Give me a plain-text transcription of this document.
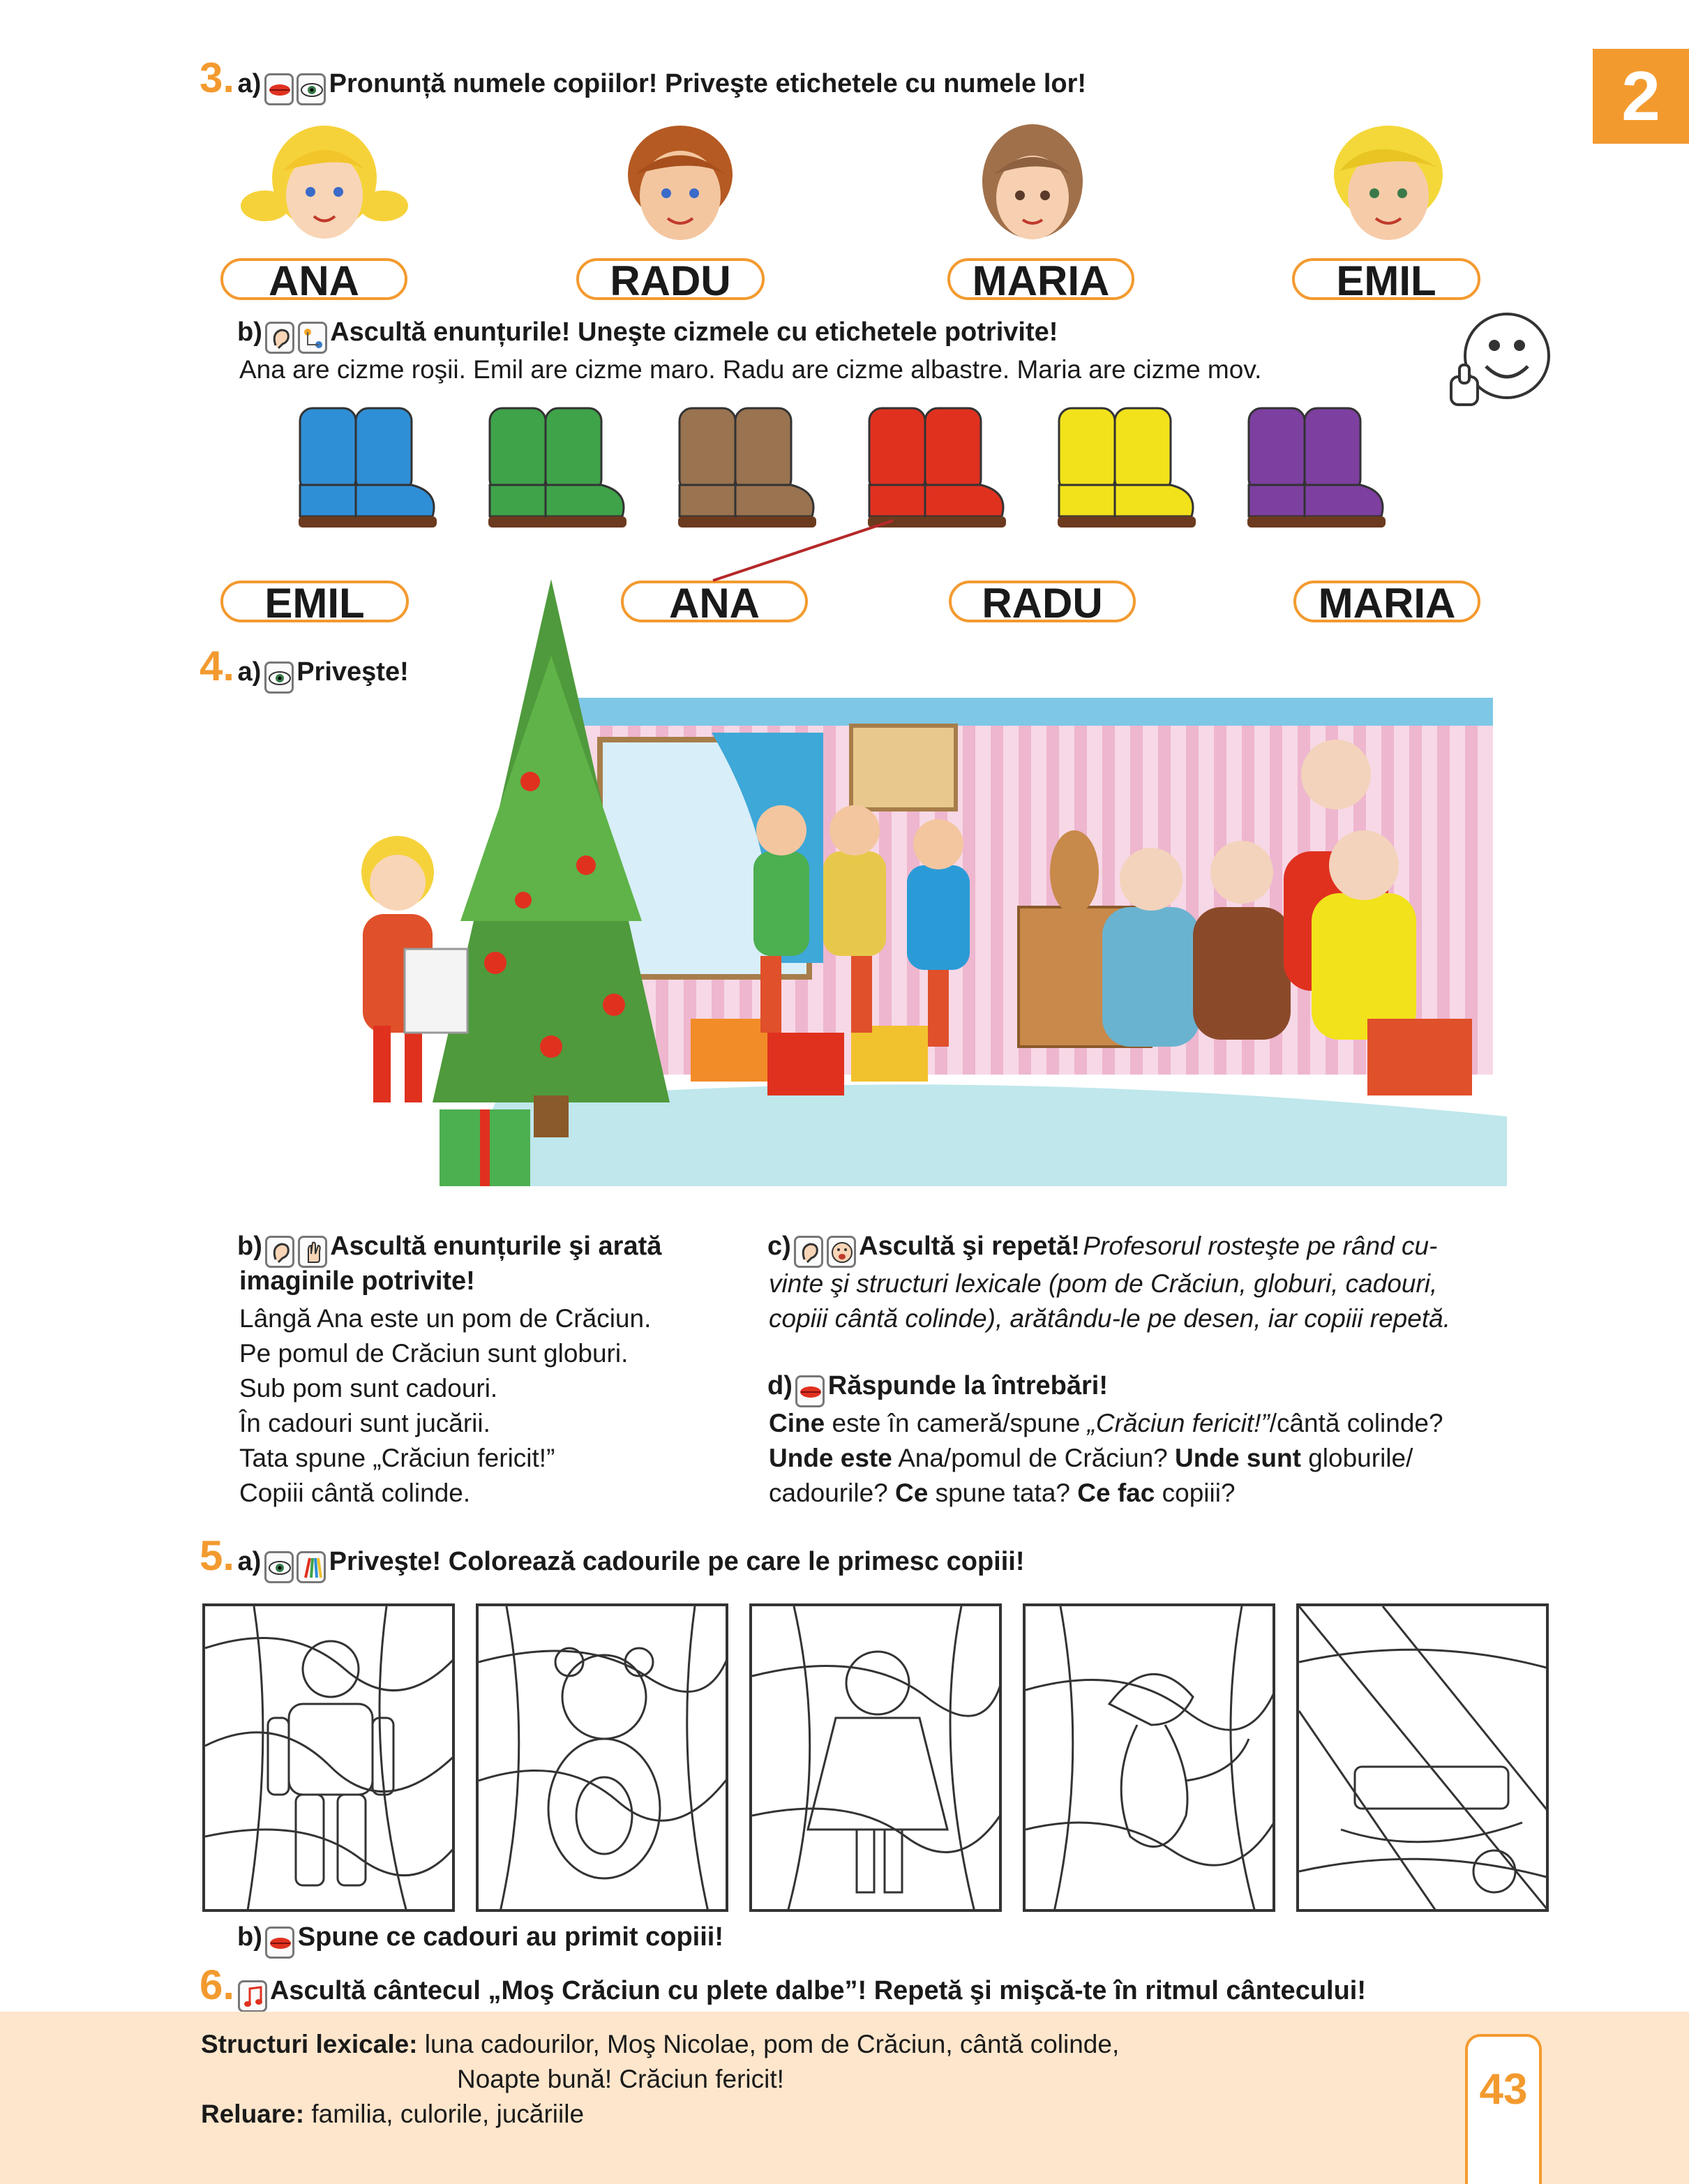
2
3. a)
	Pronunță numele copiilor! Priveşte etichetele cu numele lor!
ANA	RADU	MARIA	EMIL
b)
	Ascultă enunțurile! Uneşte cizmele cu etichetele potrivite!
Ana are cizme roşii. Emil are cizme maro. Radu are cizme albastre. Maria are cizme mov.
EMIL	ANA	RADU	MARIA
4. a) Priveşte!
b)
	Ascultă enunțurile şi arată
imaginile potrivite!
Lângă Ana este un pom de Crăciun.
Pe pomul de Crăciun sunt globuri.
Sub pom sunt cadouri.
În cadouri sunt jucării.
Tata spune „Crăciun fericit!”
Copiii cântă colinde.
c)
	Ascultă şi repetă! Profesorul rosteşte pe rând cu-
vinte şi structuri lexicale (pom de Crăciun, globuri, cadouri,
copiii cântă colinde), arătându-le pe desen, iar copiii repetă.
d) Răspunde la întrebări!
Cine este în cameră/spune „Crăciun fericit!”/cântă colinde?
Unde este Ana/pomul de Crăciun? Unde sunt globurile/
cadourile? Ce spune tata? Ce fac copiii?
5. a)
	Priveşte! Colorează cadourile pe care le primesc copiii!
b) Spune ce cadouri au primit copiii!
6. Ascultă cântecul „Moş Crăciun cu plete dalbe”! Repetă şi mişcă-te în ritmul cântecului!
Structuri lexicale: luna cadourilor, Moş Nicolae, pom de Crăciun, cântă colinde,
Noapte bună! Crăciun fericit!
Reluare: familia, culorile, jucăriile
43
